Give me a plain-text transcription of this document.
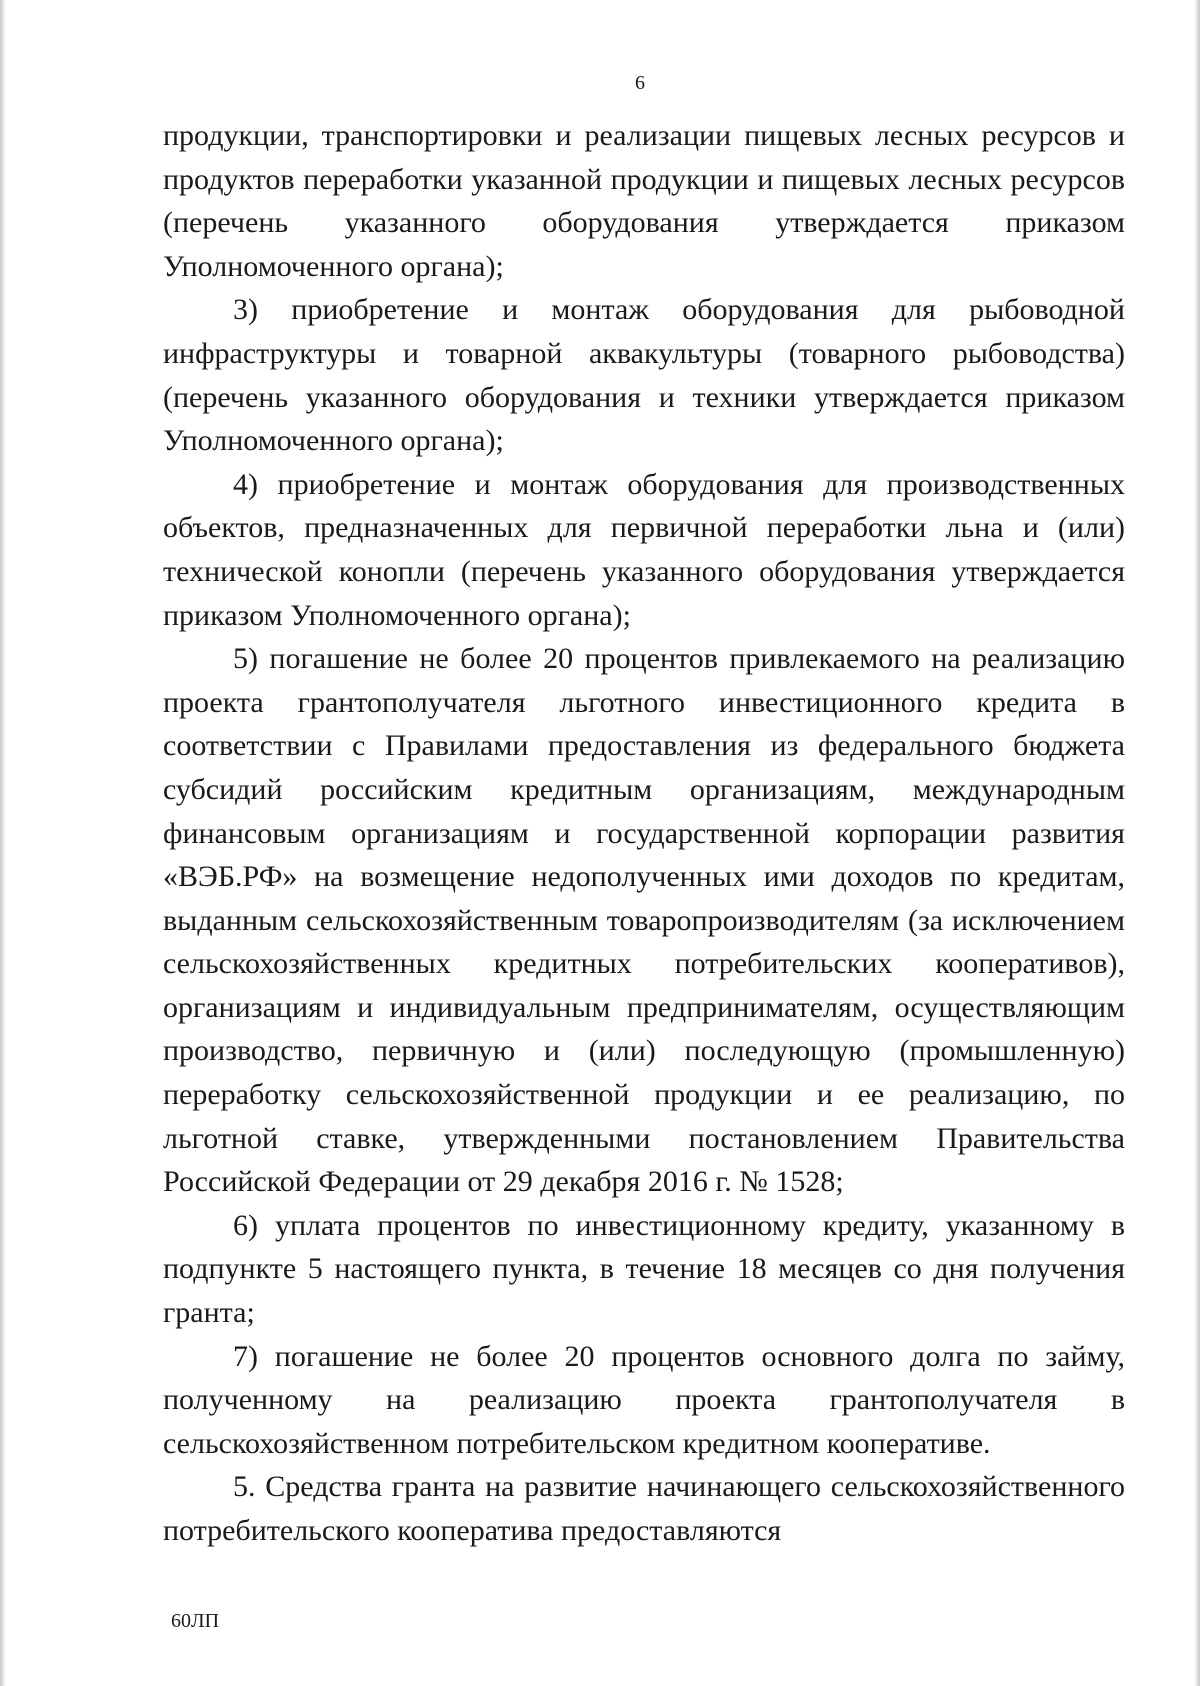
6

продукции, транспортировки и реализации пищевых лесных ресурсов и продуктов переработки указанной продукции и пищевых лесных ресурсов (перечень указанного оборудования утверждается приказом Уполномоченного органа);

3) приобретение и монтаж оборудования для рыбоводной инфраструктуры и товарной аквакультуры (товарного рыбоводства) (перечень указанного оборудования и техники утверждается приказом Уполномоченного органа);

4) приобретение и монтаж оборудования для производственных объектов, предназначенных для первичной переработки льна и (или) технической конопли (перечень указанного оборудования утверждается приказом Уполномоченного органа);

5) погашение не более 20 процентов привлекаемого на реализацию проекта грантополучателя льготного инвестиционного кредита в соответствии с Правилами предоставления из федерального бюджета субсидий российским кредитным организациям, международным финансовым организациям и государственной корпорации развития «ВЭБ.РФ» на возмещение недополученных ими доходов по кредитам, выданным сельскохозяйственным товаропроизводителям (за исключением сельскохозяйственных кредитных потребительских кооперативов), организациям и индивидуальным предпринимателям, осуществляющим производство, первичную и (или) последующую (промышленную) переработку сельскохозяйственной продукции и ее реализацию, по льготной ставке, утвержденными постановлением Правительства Российской Федерации от 29 декабря 2016 г. № 1528;

6) уплата процентов по инвестиционному кредиту, указанному в подпункте 5 настоящего пункта, в течение 18 месяцев со дня получения гранта;

7) погашение не более 20 процентов основного долга по займу, полученному на реализацию проекта грантополучателя в сельскохозяйственном потребительском кредитном кооперативе.

5. Средства гранта на развитие начинающего сельскохозяйственного потребительского кооператива предоставляются

60ЛП
